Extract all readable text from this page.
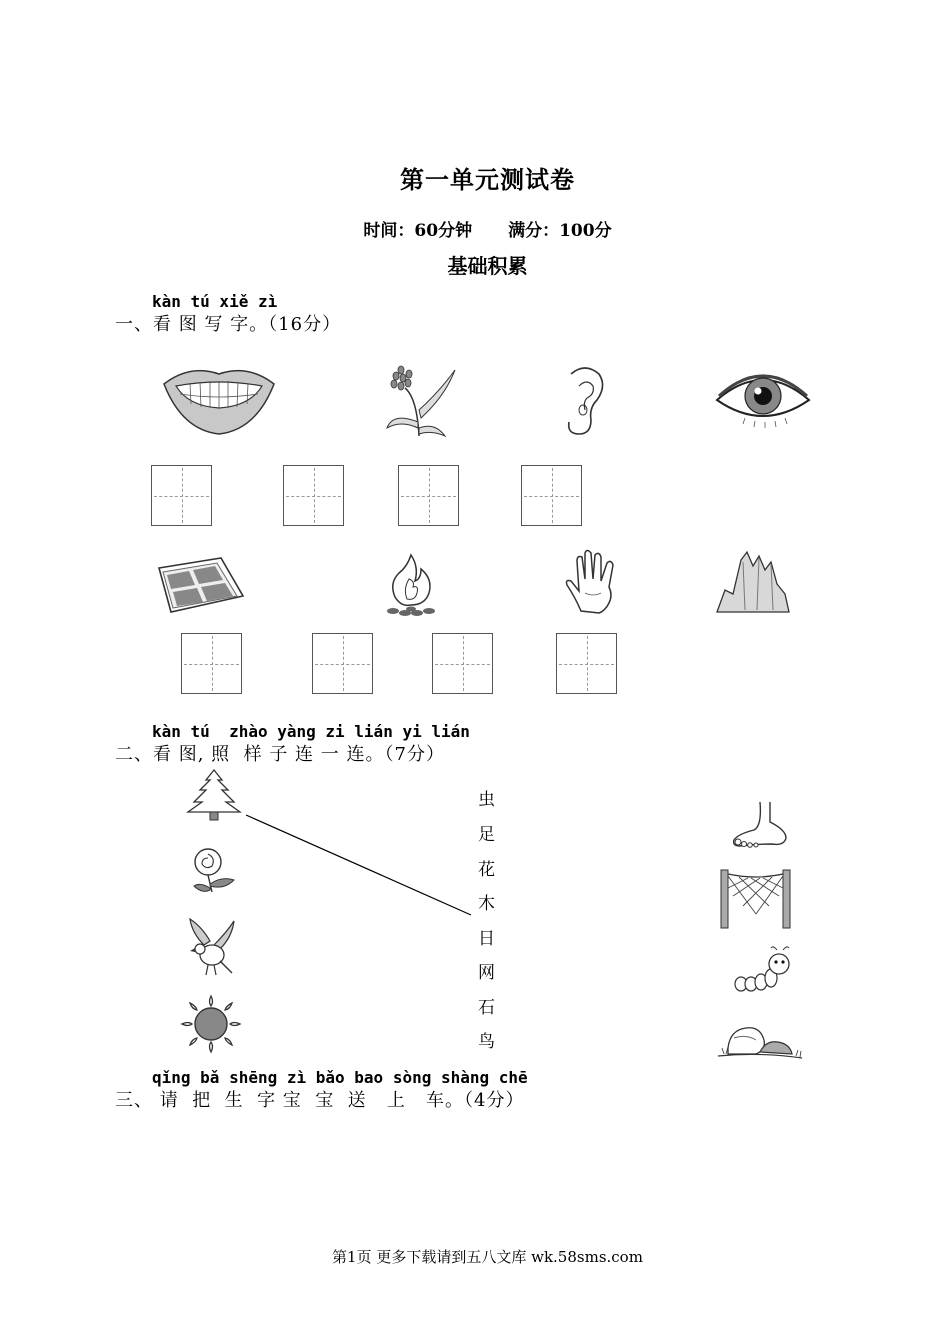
第一单元测试卷
时间：60分钟 满分：100分
基础积累
kàn tú xiě zì
一、看 图 写 字。（16分）
kàn tú  zhào yàng zi lián yi lián
二、看 图, 照  样 子 连 一 连。（7分）
虫
足
花
木
日
网
石
鸟
qǐng bǎ shēng zì bǎo bao sòng shàng chē
三、 请  把  生  字 宝  宝  送   上   车。（4分）
第1页 更多下载请到五八文库 wk.58sms.com
